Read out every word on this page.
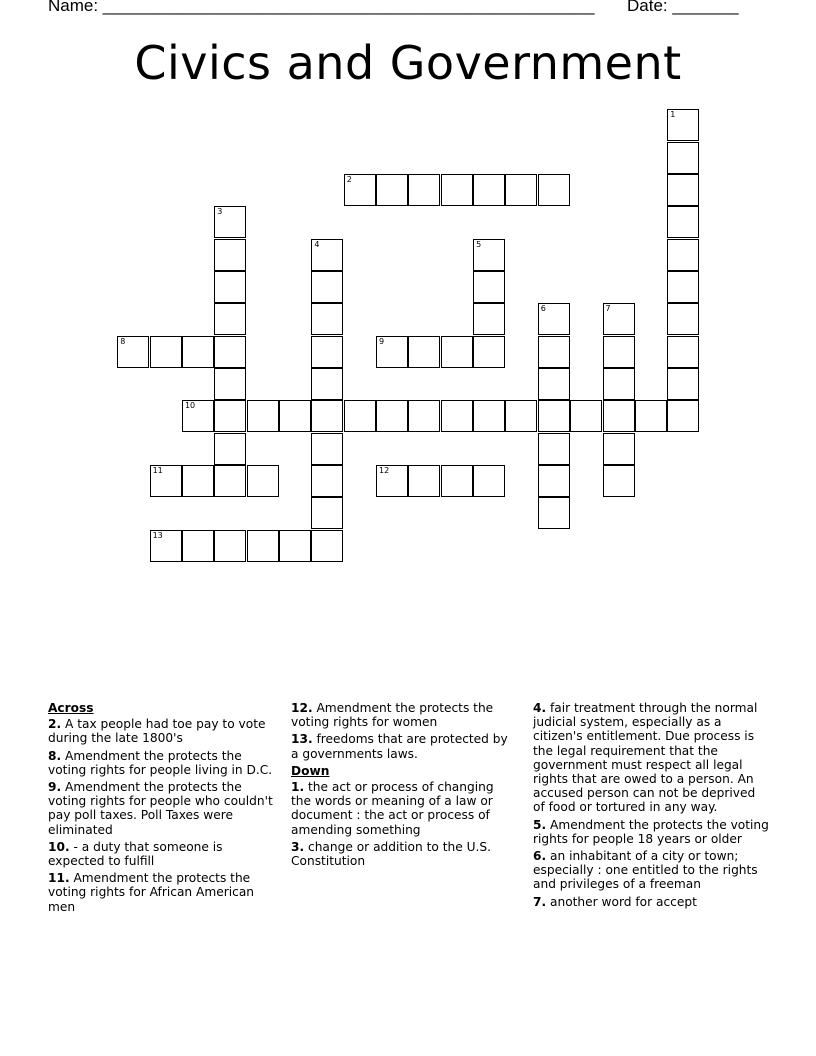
Name: ____________________________________________________ Date: _______
Civics and Government
1
2
3
4	5
6	7
8	9
10
11	12
13
Across
2. A tax people had toe pay to vote during the late 1800's
8. Amendment the protects the voting rights for people living in D.C.
9. Amendment the protects the voting rights for people who couldn't pay poll taxes. Poll Taxes were eliminated
10. - a duty that someone is expected to fulfill
11. Amendment the protects the voting rights for African American men
12. Amendment the protects the voting rights for women
13. freedoms that are protected by a governments laws.
Down
1. the act or process of changing the words or meaning of a law or document : the act or process of amending something
3. change or addition to the U.S. Constitution
4. fair treatment through the normal judicial system, especially as a citizen's entitlement. Due process is the legal requirement that the government must respect all legal rights that are owed to a person. An accused person can not be deprived of food or tortured in any way.
5. Amendment the protects the voting rights for people 18 years or older
6. an inhabitant of a city or town; especially : one entitled to the rights and privileges of a freeman
7. another word for accept
